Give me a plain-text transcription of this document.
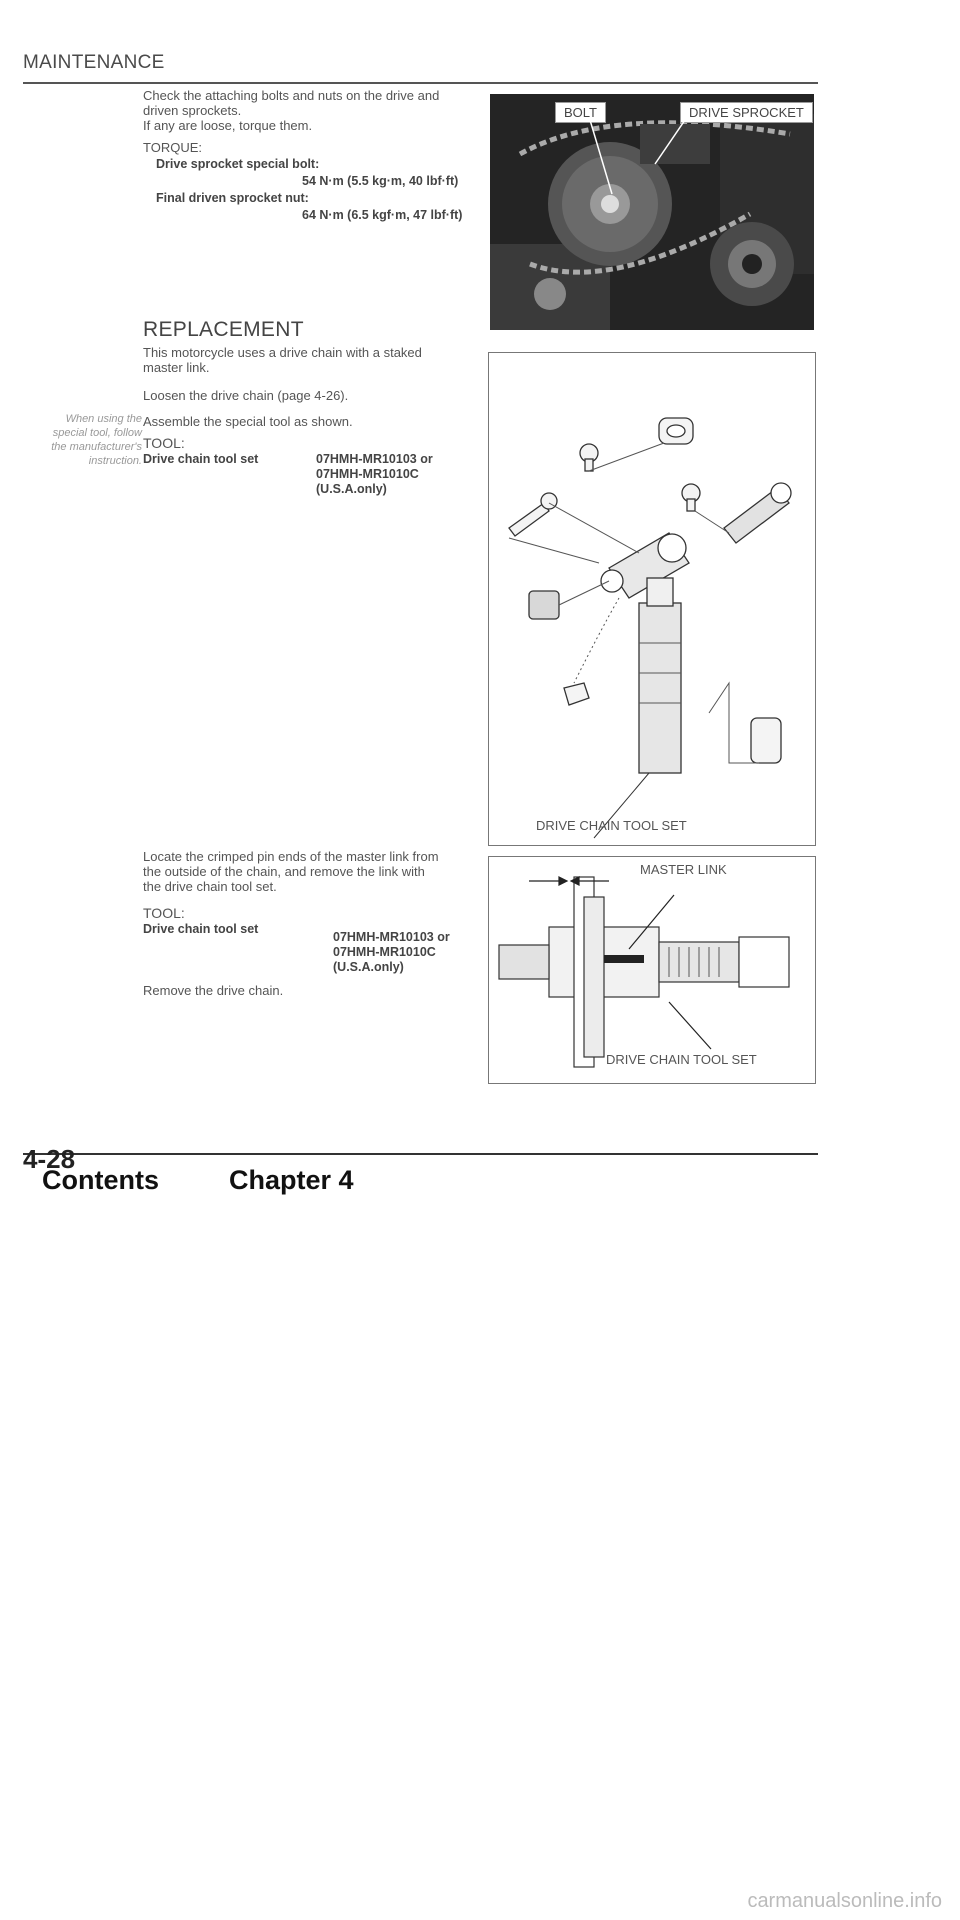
MAINTENANCE
Check the attaching bolts and nuts on the drive and
driven sprockets.
If any are loose, torque them.
TORQUE:
Drive sprocket special bolt:
54 N·m (5.5 kg·m, 40 lbf·ft)
Final driven sprocket nut:
64 N·m (6.5 kgf·m, 47 lbf·ft)
BOLT	DRIVE SPROCKET
REPLACEMENT
This motorcycle uses a drive chain with a staked
master link.
Loosen the drive chain (page 4-26).
Assemble the special tool as shown.
TOOL:
Drive chain tool set	07HMH-MR10103 or
07HMH-MR1010C
(U.S.A.only)
When using the
special tool, follow
the manufacturer's
instruction.
DRIVE CHAIN TOOL SET
Locate the crimped pin ends of the master link from
the outside of the chain, and remove the link with
the drive chain tool set.
TOOL:
Drive chain tool set
07HMH-MR10103 or
07HMH-MR1010C
(U.S.A.only)
Remove the drive chain.
MASTER LINK
DRIVE CHAIN TOOL SET
4-28
Contents	Chapter 4
carmanualsonline.info
